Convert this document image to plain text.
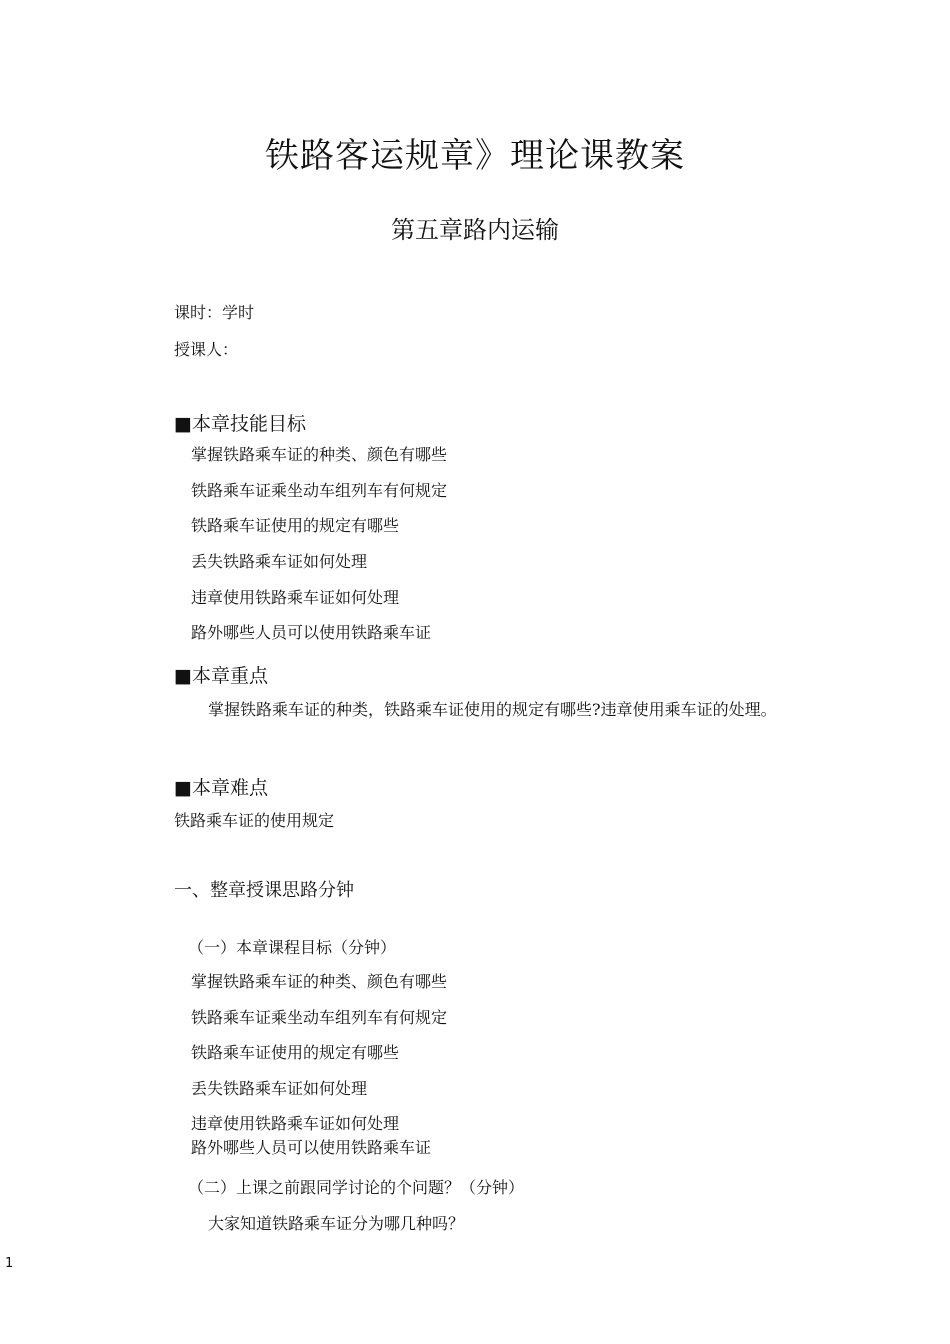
铁路客运规章》理论课教案
第五章路内运输
课时：学时
授课人：
■本章技能目标
掌握铁路乘车证的种类、颜色有哪些
铁路乘车证乘坐动车组列车有何规定
铁路乘车证使用的规定有哪些
丢失铁路乘车证如何处理
违章使用铁路乘车证如何处理
路外哪些人员可以使用铁路乘车证
■本章重点
掌握铁路乘车证的种类，铁路乘车证使用的规定有哪些?违章使用乘车证的处理。
■本章难点
铁路乘车证的使用规定
一、整章授课思路分钟
（一）本章课程目标（分钟）
掌握铁路乘车证的种类、颜色有哪些
铁路乘车证乘坐动车组列车有何规定
铁路乘车证使用的规定有哪些
丢失铁路乘车证如何处理
违章使用铁路乘车证如何处理
路外哪些人员可以使用铁路乘车证
（二）上课之前跟同学讨论的个问题？（分钟）
大家知道铁路乘车证分为哪几种吗？
1
